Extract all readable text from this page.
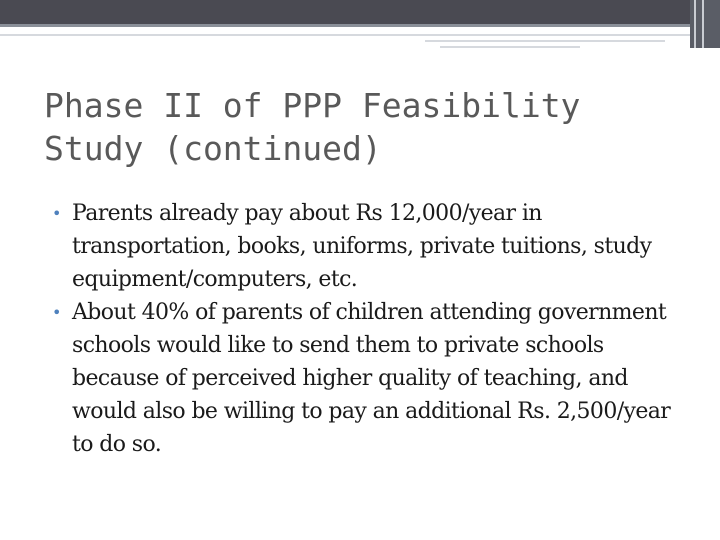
Phase II of PPP Feasibility Study (continued)
• Parents already pay about Rs 12,000/year in transportation, books, uniforms, private tuitions, study equipment/computers, etc.
• About 40% of parents of children attending government schools would like to send them to private schools because of perceived higher quality of teaching, and would also be willing to pay an additional Rs. 2,500/year to do so.
